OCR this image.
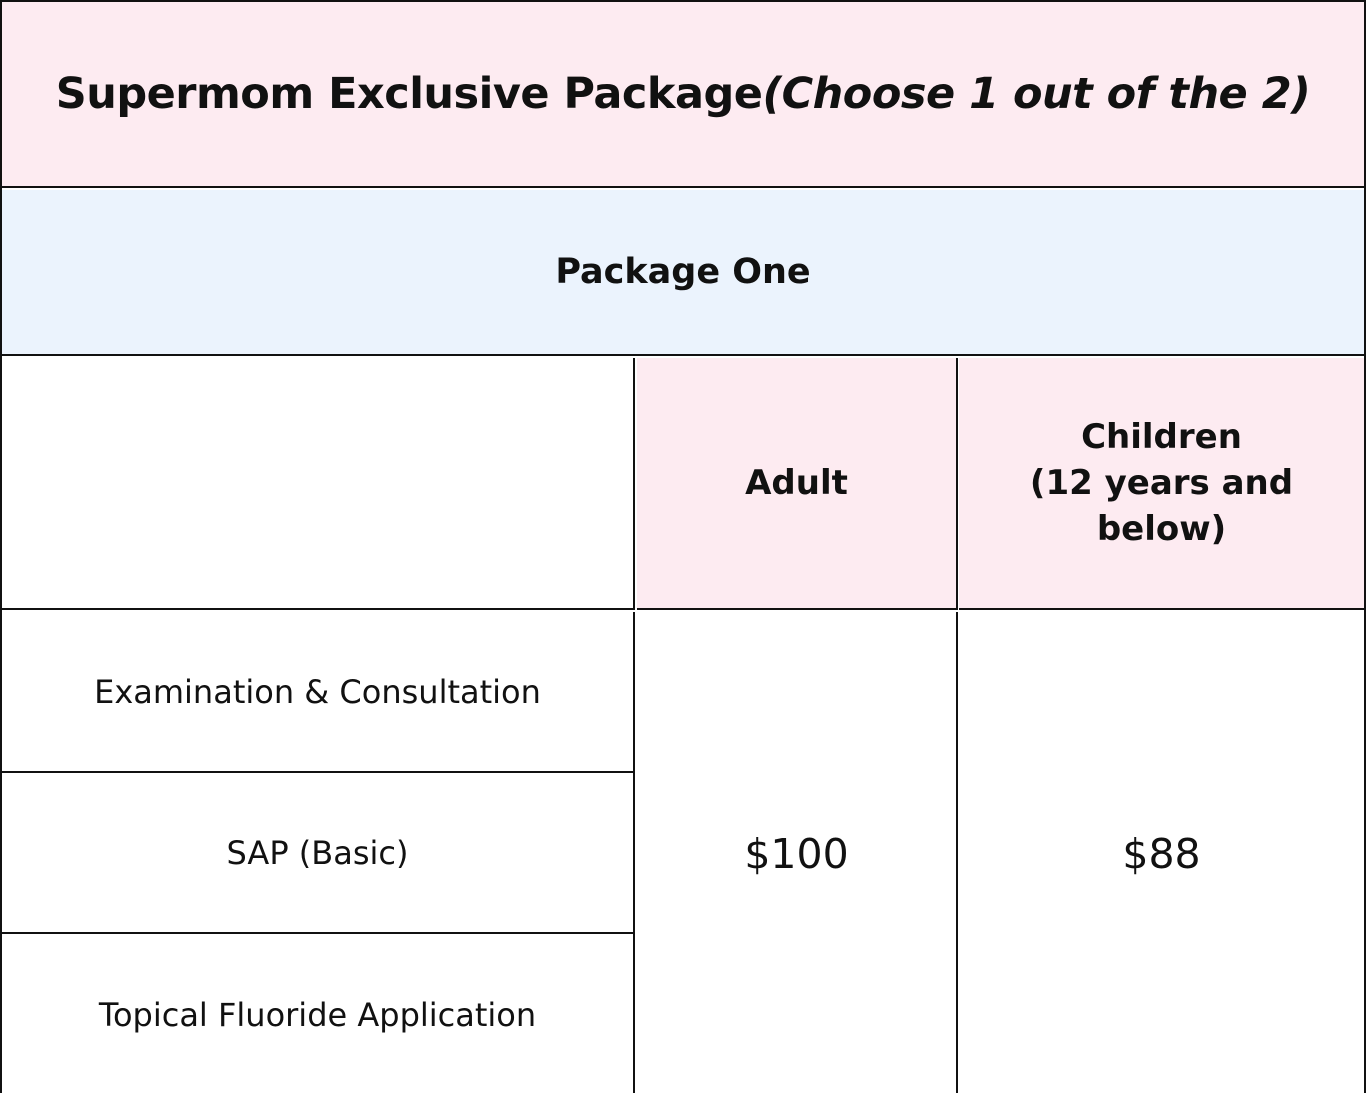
Supermom Exclusive Package (Choose 1 out of the 2)
Package One
Adult
Children
(12 years and
below)
Examination & Consultation
SAP (Basic)
Topical Fluoride Application
$100	$88
